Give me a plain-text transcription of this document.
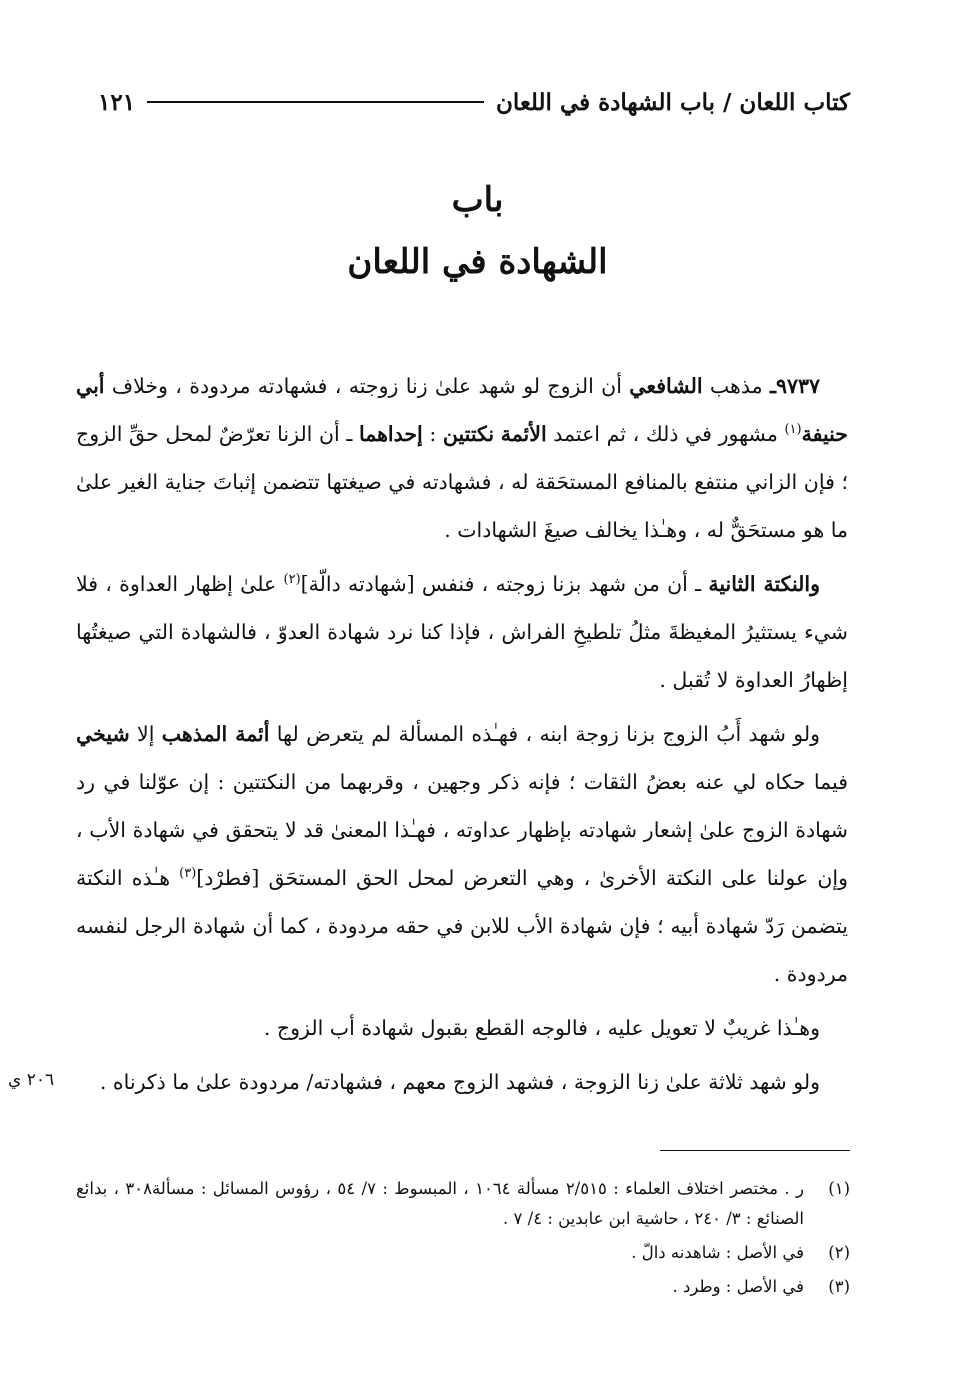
١٢١	كتاب اللعان / باب الشهادة في اللعان
باب
الشهادة في اللعان

٩٧٣٧ـ مذهب الشافعي أن الزوج لو شهد علىٰ زنا زوجته ، فشهادته مردودة ، وخلاف أبي حنيفة$^{(١)}$ مشهور في ذلك ، ثم اعتمد الأئمة نكتتين : إحداهما ـ أن الزنا تعرّضٌ لمحل حقِّ الزوج ؛ فإن الزاني منتفع بالمنافع المستحَقة له ، فشهادته في صيغتها تتضمن إثباتَ جناية الغير علىٰ ما هو مستحَقٌّ له ، وهـٰذا يخالف صيغَ الشهادات .

والنكتة الثانية ـ أن من شهد بزنا زوجته ، فنفس [شهادته دالّة]$^{(٢)}$ علىٰ إظهار العداوة ، فلا شيء يستثيرُ المغيظةَ مثلُ تلطيخِ الفراش ، فإذا كنا نرد شهادة العدوّ ، فالشهادة التي صيغتُها إظهارُ العداوة لا تُقبل .

ولو شهد أَبُ الزوج بزنا زوجة ابنه ، فهـٰذه المسألة لم يتعرض لها أئمة المذهب إلا شيخي فيما حكاه لي عنه بعضُ الثقات ؛ فإنه ذكر وجهين ، وقربهما من النكتتين : إن عوّلنا في رد شهادة الزوج علىٰ إشعار شهادته بإظهار عداوته ، فهـٰذا المعنىٰ قد لا يتحقق في شهادة الأب ، وإن عولنا على النكتة الأخرىٰ ، وهي التعرض لمحل الحق المستحَق [فطرْد]$^{(٣)}$ هـٰذه النكتة يتضمن رَدّ شهادة أبيه ؛ فإن شهادة الأب للابن في حقه مردودة ، كما أن شهادة الرجل لنفسه مردودة .

وهـٰذا غريبٌ لا تعويل عليه ، فالوجه القطع بقبول شهادة أب الزوج .

ولو شهد ثلاثة علىٰ زنا الزوجة ، فشهد الزوج معهم ، فشهادته/ مردودة علىٰ ما ذكرناه .

٢٠٦ ي
(١)
ر . مختصر اختلاف العلماء : ٢/٥١٥ مسألة ١٠٦٤ ، المبسوط : ٧/ ٥٤ ، رؤوس المسائل : مسألة٣٠٨ ، بدائع الصنائع : ٣/ ٢٤٠ ، حاشية ابن عابدين : ٤/ ٧ .
(٢)
في الأصل : شاهدنه دالّ .
(٣)
في الأصل : وطرد .
